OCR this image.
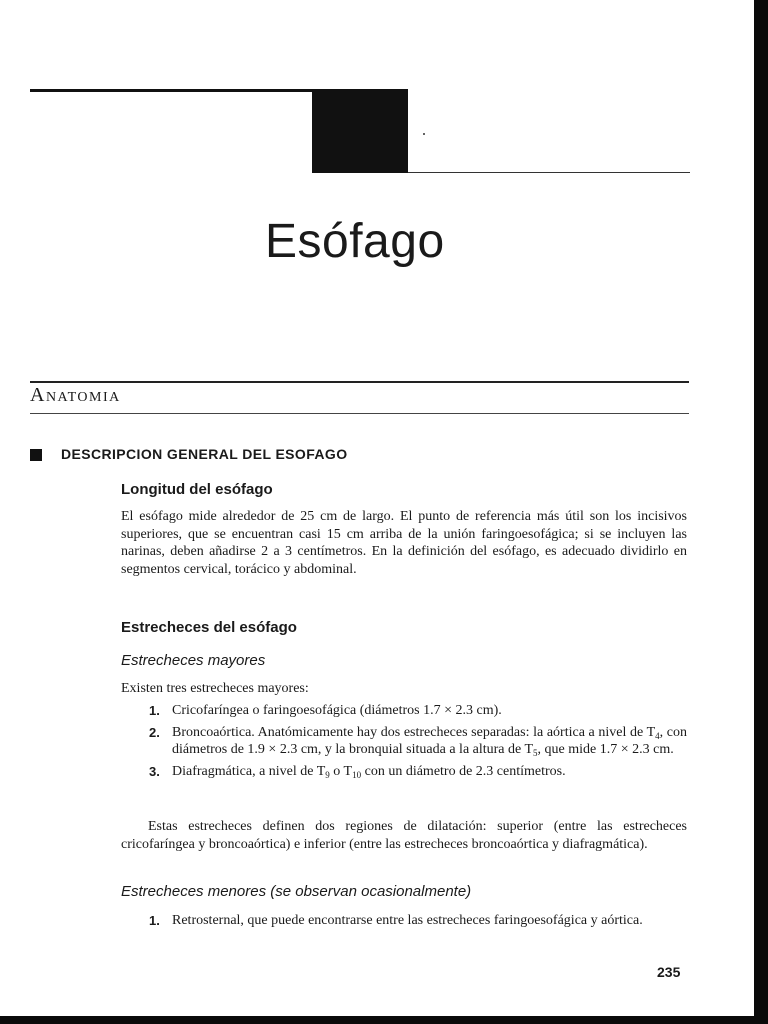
Esófago
Anatomia
DESCRIPCION GENERAL DEL ESOFAGO
Longitud del esófago

El esófago mide alrededor de 25 cm de largo. El punto de referencia más útil son los incisivos superiores, que se encuentran casi 15 cm arriba de la unión faringoesofágica; si se incluyen las narinas, deben añadirse 2 a 3 centímetros. En la definición del esófago, es adecuado dividirlo en segmentos cervical, torácico y abdominal.

Estrecheces del esófago
Estrecheces mayores

Existen tres estrecheces mayores:

1. Cricofaríngea o faringoesofágica (diámetros 1.7 × 2.3 cm).
2. Broncoaórtica. Anatómicamente hay dos estrecheces separadas: la aórtica a nivel de $T_4$, con diámetros de 1.9 × 2.3 cm, y la bronquial situada a la altura de $T_5$, que mide 1.7 × 2.3 cm.
3. Diafragmática, a nivel de $T_9$ o $T_{10}$ con un diámetro de 2.3 centímetros.

Estas estrecheces definen dos regiones de dilatación: superior (entre las estrecheces cricofaríngea y broncoaórtica) e inferior (entre las estrecheces broncoaórtica y diafragmática).

Estrecheces menores (se observan ocasionalmente)
1. Retrosternal, que puede encontrarse entre las estrecheces faringoesofágica y aórtica.

235
